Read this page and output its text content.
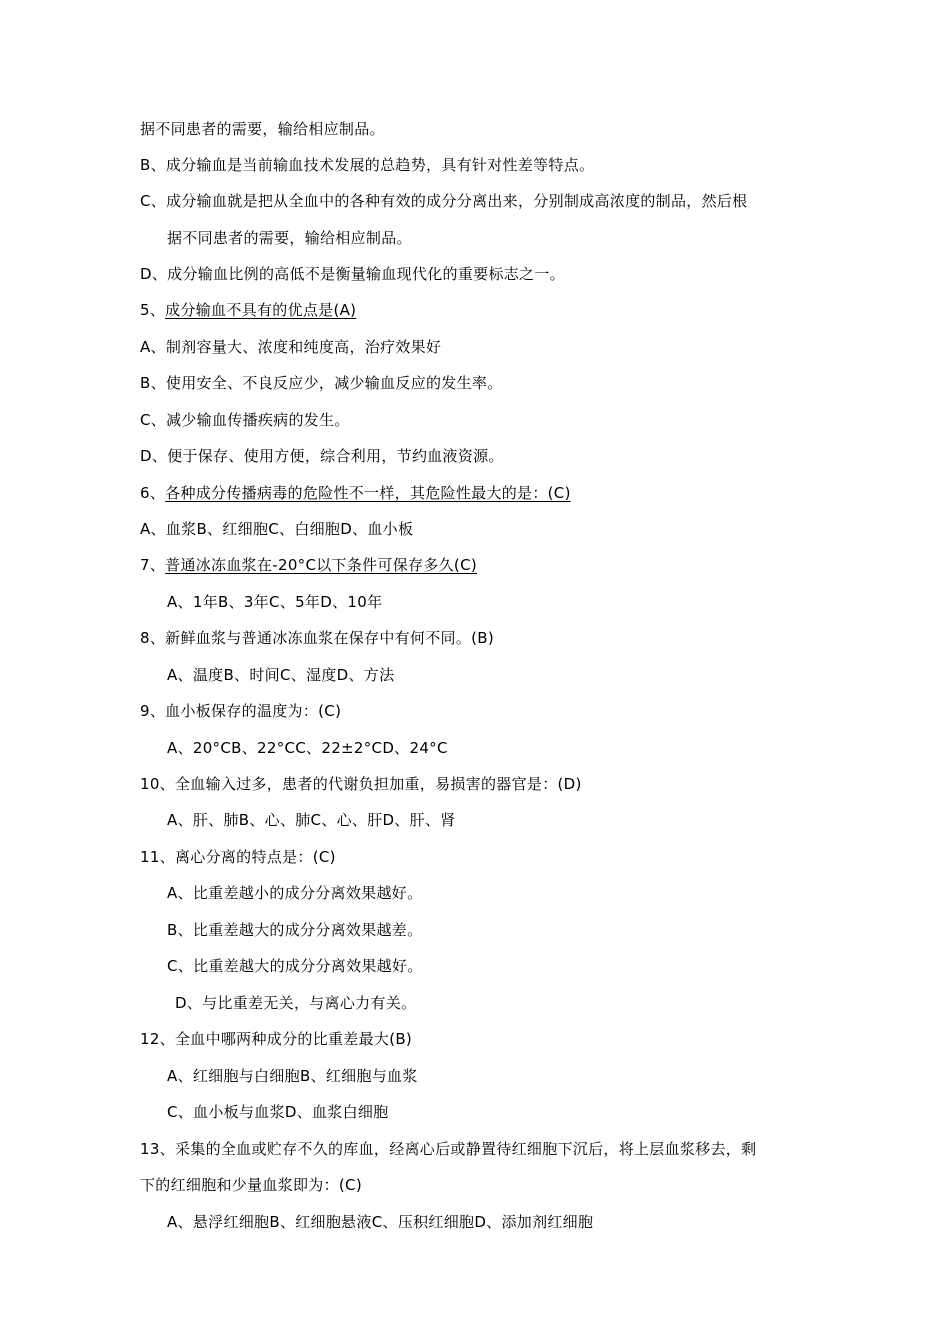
据不同患者的需要，输给相应制品。
B、成分输血是当前输血技术发展的总趋势，具有针对性差等特点。
C、成分输血就是把从全血中的各种有效的成分分离出来，分别制成高浓度的制品，然后根
据不同患者的需要，输给相应制品。
D、成分输血比例的高低不是衡量输血现代化的重要标志之一。
5、成分输血不具有的优点是(A)
A、制剂容量大、浓度和纯度高，治疗效果好
B、使用安全、不良反应少，减少输血反应的发生率。
C、减少输血传播疾病的发生。
D、便于保存、使用方便，综合利用，节约血液资源。
6、各种成分传播病毒的危险性不一样，其危险性最大的是：(C)
A、血浆B、红细胞C、白细胞D、血小板
7、普通冰冻血浆在-20°C以下条件可保存多久(C)
A、1年B、3年C、5年D、10年
8、新鲜血浆与普通冰冻血浆在保存中有何不同。(B)
A、温度B、时间C、湿度D、方法
9、血小板保存的温度为：(C)
A、20°CB、22°CC、22±2°CD、24°C
10、全血输入过多，患者的代谢负担加重，易损害的器官是：(D)
A、肝、肺B、心、肺C、心、肝D、肝、肾
11、离心分离的特点是：(C)
A、比重差越小的成分分离效果越好。
B、比重差越大的成分分离效果越差。
C、比重差越大的成分分离效果越好。
D、与比重差无关，与离心力有关。
12、全血中哪两种成分的比重差最大(B)
A、红细胞与白细胞B、红细胞与血浆
C、血小板与血浆D、血浆白细胞
13、采集的全血或贮存不久的库血，经离心后或静置待红细胞下沉后，将上层血浆移去，剩
下的红细胞和少量血浆即为：(C)
A、悬浮红细胞B、红细胞悬液C、压积红细胞D、添加剂红细胞
